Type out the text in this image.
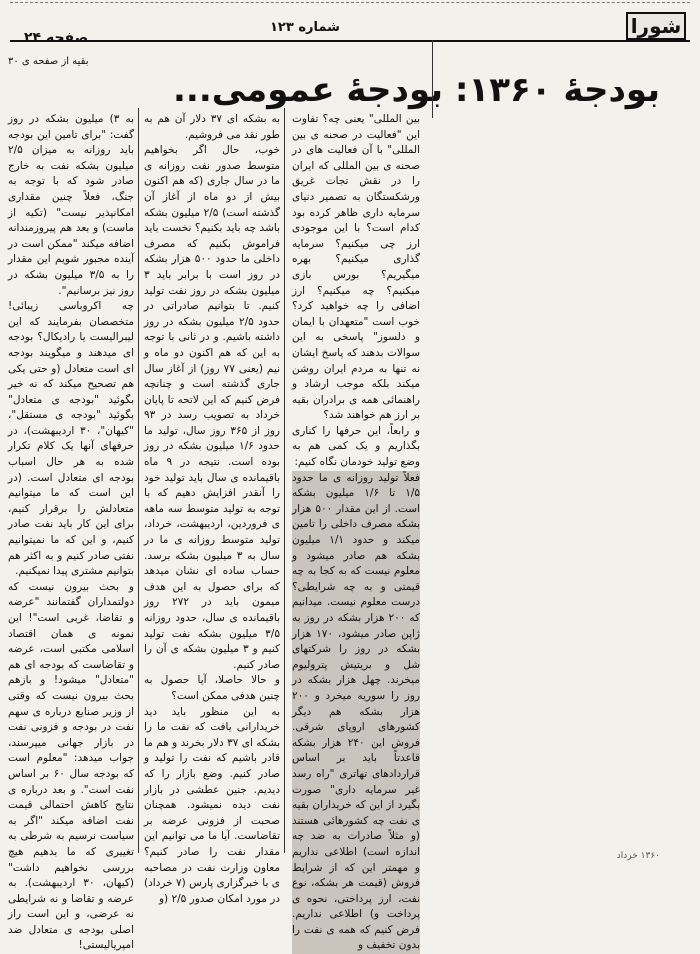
شورا
شماره ۱۲۳
صفحه ۲۴
بقیه از صفحه ی ۳۰
بودجهٔ ۱۳۶۰: بودجهٔ عمومی...

بین المللی" یعنی چه؟ تفاوت این "فعالیت در صحنه ی بین المللی" با آن فعالیت های در صحنه ی بین المللی که ایران را در نقش تجات غریق ورشکستگان به تصمیر دنیای سرمایه داری ظاهر کرده بود کدام است؟ با این موجودی ارز چی میکنیم؟ سرمایه گذاری میکنیم؟ بهره میگیریم؟ بورس بازی میکنیم؟ چه میکنیم؟ ارز اضافی را چه خواهید کرد؟ خوب است "متعهدان با ایمان و دلسوز" پاسخی به این سوالات بدهند که پاسخ ایشان نه تنها به مردم ایران روشن میکند بلکه موجب ارشاد و راهنمائی همه ی برادران بقیه بر ارز هم خواهند شد؟

و رابعاً، این حرفها را کناری بگذاریم و یک کمی هم به وضع تولید خودمان نگاه کنیم:

فعلاً تولید روزانه ی ما حدود ۱/۵ تا ۱/۶ میلیون بشکه است. از این مقدار ۵۰۰ هزار بشکه مصرف داخلی را تامین میکند و حدود ۱/۱ میلیون بشکه هم صادر میشود و معلوم نیست که به کجا به چه قیمتی و به چه شرایطی؟ درست معلوم نیست. میدانیم که ۲۰۰ هزار بشکه در روز به ژاپن صادر میشود، ۱۷۰ هزار بشکه در روز را شرکتهای شل و بریتیش پترولیوم میخرند. چهل هزار بشکه در روز را سوریه میخرد و ۲۰۰ هزار بشکه هم دیگر کشورهای اروپای شرقی. فروش این ۲۴۰ هزار بشکه قاعدتاً باید بر اساس قراردادهای تهاتری "راه رسد غیر سرمایه داری" صورت بگیرد از این که خریداران بقیه ی نفت چه کشورهائی هستند (و مثلاً صادرات به ضد چه اندازه است) اطلاعی نداریم و مهمتر این که از شرایط فروش (قیمت هر بشکه، نوع نفت، ارز پرداختی، نحوه ی پرداخت و) اطلاعی نداریم. فرض کنیم که همه ی نفت را بدون تخفیف و

به بشکه ای ۳۷ دلار آن هم به طور نقد می فروشیم.

خوب، حال اگر بخواهیم متوسط صدور نفت روزانه ی ما در سال جاری (که هم اکنون بیش از دو ماه از آغاز آن گذشته است) ۲/۵ میلیون بشکه باشد چه باید بکنیم؟ نخست باید فراموش بکنیم که مصرف داخلی ما حدود ۵۰۰ هزار بشکه در روز است با برابر باید ۳ میلیون بشکه در روز نفت تولید کنیم. تا بتوانیم صادراتی در حدود ۲/۵ میلیون بشکه در روز داشته باشیم. و در ثانی با توجه به این که هم اکنون دو ماه و نیم (یعنی ۷۷ روز) از آغاز سال جاری گذشته است و چنانچه فرض کنیم که این لاتحه تا پایان خرداد به تصویب رسد در ۹۳ روز از ۳۶۵ روز سال، تولید ما حدود ۱/۶ میلیون بشکه در روز بوده است. نتیجه در ۹ ماه باقیمانده ی سال باید تولید خود را آنقدر افزایش دهیم که با توجه به تولید متوسط سه ماهه ی فروردین، اردیبهشت، خرداد، تولید متوسط روزانه ی ما در سال به ۳ میلیون بشکه برسد. حساب ساده ای نشان میدهد که برای حصول به این هدف میمون باید در ۲۷۲ روز باقیمانده ی سال، حدود روزانه ۳/۵ میلیون بشکه نفت تولید کنیم و ۳ میلیون بشکه ی آن را صادر کنیم.

و حالا حاصلا، آیا حصول به چنین هدفی ممکن است؟

به این منظور باید دید خریدارانی یافت که نفت ما را بشکه ای ۳۷ دلار بخرند و هم ما قادر باشیم که نفت را تولید و صادر کنیم. وضع بازار را که دیدیم. جنین عطشی در بازار نفت دیده نمیشود. همچنان صحبت از فزونی عرضه بر تقاضاست. آیا ما می توانیم این مقدار نفت را صادر کنیم؟ معاون وزارت نفت در مصاحبه ی با خبرگزاری پارس (۷ خرداد) در مورد امکان صدور ۲/۵ (و

به ۳) میلیون بشکه در روز گفت: "برای تامین این بودجه باید روزانه به میزان ۲/۵ میلیون بشکه نفت به خارج صادر شود که با توجه به جنگ، فعلاً چنین مقداری امکانپذیر نیست" (تکیه از ماست) و بعد هم پیروزمندانه اضافه میکند "ممکن است در آینده مجبور شویم این مقدار را به ۳/۵ میلیون بشکه در روز نیز برسانیم".

چه اکروباسی زیبائی! متخصصان بفرمایند که این لیبرالیست یا رادیکال؟ بودجه ای میدهند و میگویند بودجه ای است متعادل (و حتی یکی هم تصحیح میکند که نه خیر بگوئید "بودجه ی متعادل" بگوئید "بودجه ی مستقل"، "کیهان"، ۳۰ اردیبهشت)، در حرفهای آنها یک کلام تکرار شده به هر حال اسباب بودجه ای متعادل است. (در این است که ما میتوانیم متعادلش را برقرار کنیم، برای این کار باید نفت صادر کنیم، و این که ما نمیتوانیم نفتی صادر کنیم و به اکثر هم بتوانیم مشتری پیدا نمیکنیم.

و بحث بیرون نیست که دولتمداران گفتمانند "عرضه و تقاضا، غربی است"! این نمونه ی همان اقتصاد اسلامی مکتبی است، عرضه و تقاضاست که بودجه ای هم "متعادل" میشود! و بازهم بحث بیرون نیست که وقتی از وزیر صنایع درباره ی سهم نفت در بودجه و فزونی نفت در بازار جهانی میپرسند، جواب میدهد: "معلوم است که بودجه سال ۶۰ بر اساس نفت است". و بعد درباره ی نتایج کاهش احتمالی قیمت نفت اضافه میکند "اگر به سیاست نرسیم به شرطی به تغییری که ما بدهیم هیچ بررسی نخواهیم داشت" (کیهان، ۳۰ اردیبهشت). به عرضه و تقاضا و نه شرایطی نه عرضی، و این است راز اصلی بودجه ی متعادل ضد امپریالیستی!

۱۳۶۰ خرداد
